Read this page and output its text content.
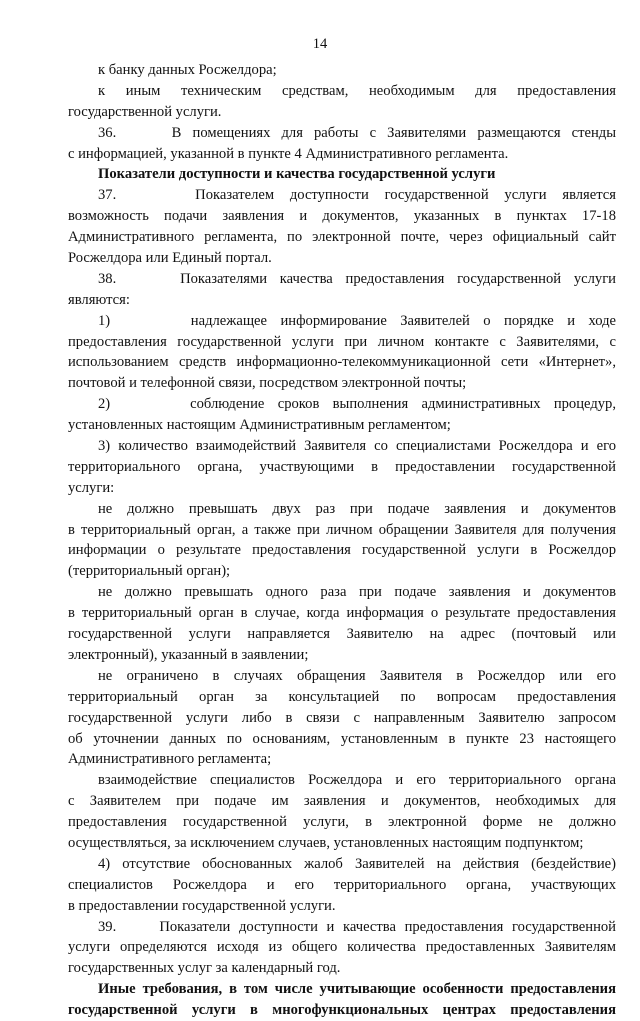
14
к банку данных Росжелдора;
к иным техническим средствам, необходимым для предоставления
государственной услуги.
36.     В помещениях для работы с Заявителями размещаются стенды
с информацией, указанной в пункте 4 Административного регламента.
Показатели доступности и качества государственной услуги
37.     Показателем доступности государственной услуги является
возможность подачи заявления и документов, указанных в пунктах 17-18
Административного регламента, по электронной почте, через официальный сайт
Росжелдора или Единый портал.
38.     Показателями качества предоставления государственной услуги
являются:
1)      надлежащее информирование Заявителей о порядке и ходе
предоставления государственной услуги при личном контакте с Заявителями, с
использованием средств информационно-телекоммуникационной сети «Интернет»,
почтовой и телефонной связи, посредством электронной почты;
2)      соблюдение сроков выполнения административных процедур,
установленных настоящим Административным регламентом;
3) количество взаимодействий Заявителя со специалистами Росжелдора и его
территориального органа, участвующими в предоставлении государственной
услуги:
не должно превышать двух раз при подаче заявления и документов
в территориальный орган, а также при личном обращении Заявителя для получения
информации о результате предоставления государственной услуги в Росжелдор
(территориальный орган);
не должно превышать одного раза при подаче заявления и документов
в территориальный орган в случае, когда информация о результате предоставления
государственной услуги направляется Заявителю на адрес (почтовый или
электронный), указанный в заявлении;
не ограничено в случаях обращения Заявителя в Росжелдор или его
территориальный орган за консультацией по вопросам предоставления
государственной услуги либо в связи с направленным Заявителю запросом
об уточнении данных по основаниям, установленным в пункте 23 настоящего
Административного регламента;
взаимодействие специалистов Росжелдора и его территориального органа
с Заявителем при подаче им заявления и документов, необходимых для
предоставления государственной услуги, в электронной форме не должно
осуществляться, за исключением случаев, установленных настоящим подпунктом;
4) отсутствие обоснованных жалоб Заявителей на действия (бездействие)
специалистов Росжелдора и его территориального органа, участвующих
в предоставлении государственной услуги.
39.     Показатели доступности и качества предоставления государственной
услуги определяются исходя из общего количества предоставленных Заявителям
государственных услуг за календарный год.
Иные требования, в том числе учитывающие особенности предоставления
государственной услуги в многофункциональных центрах предоставления
